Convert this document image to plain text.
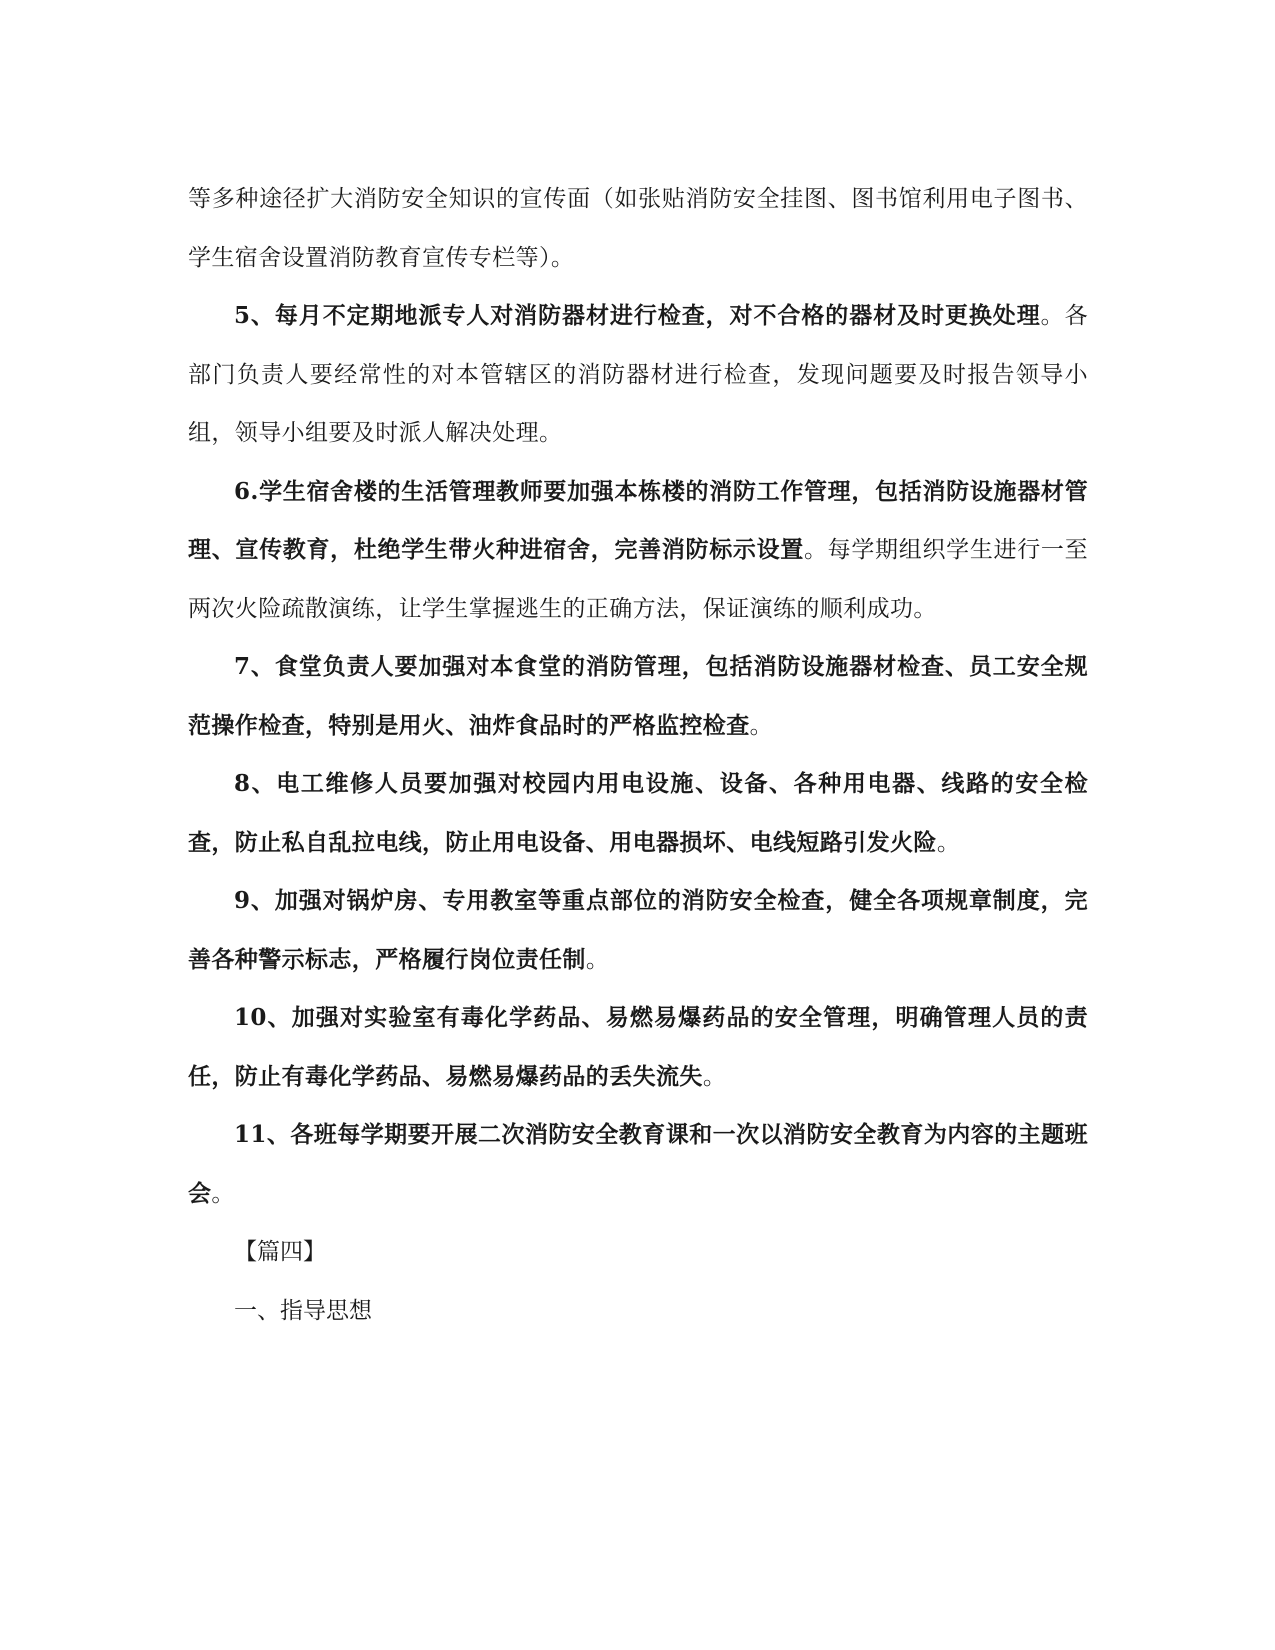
等多种途径扩大消防安全知识的宣传面（如张贴消防安全挂图、图书馆利用电子图书、学生宿舍设置消防教育宣传专栏等）。

5、每月不定期地派专人对消防器材进行检查，对不合格的器材及时更换处理。各部门负责人要经常性的对本管辖区的消防器材进行检查，发现问题要及时报告领导小组，领导小组要及时派人解决处理。

6.学生宿舍楼的生活管理教师要加强本栋楼的消防工作管理，包括消防设施器材管理、宣传教育，杜绝学生带火种进宿舍，完善消防标示设置。每学期组织学生进行一至两次火险疏散演练，让学生掌握逃生的正确方法，保证演练的顺利成功。

7、食堂负责人要加强对本食堂的消防管理，包括消防设施器材检查、员工安全规范操作检查，特别是用火、油炸食品时的严格监控检查。

8、电工维修人员要加强对校园内用电设施、设备、各种用电器、线路的安全检查，防止私自乱拉电线，防止用电设备、用电器损坏、电线短路引发火险。

9、加强对锅炉房、专用教室等重点部位的消防安全检查，健全各项规章制度，完善各种警示标志，严格履行岗位责任制。

10、加强对实验室有毒化学药品、易燃易爆药品的安全管理，明确管理人员的责任，防止有毒化学药品、易燃易爆药品的丢失流失。

11、各班每学期要开展二次消防安全教育课和一次以消防安全教育为内容的主题班会。

【篇四】

一、指导思想
